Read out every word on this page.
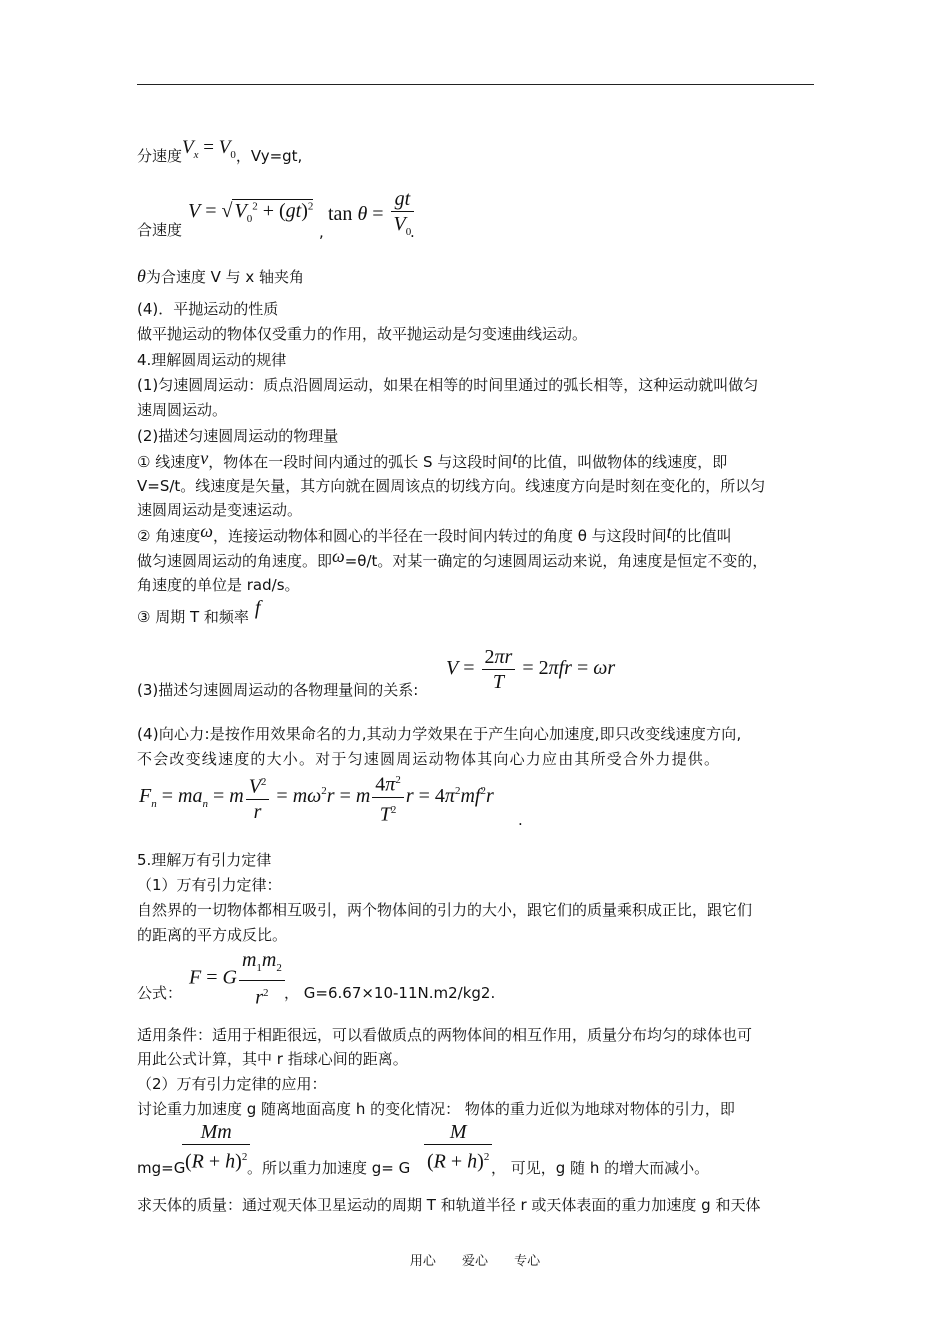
分速度$V_x = V_0$，Vy=gt,
合速度
V = √ $V_0^2 + (gt)^2$
,
$\tan \theta = \frac{gt}{V_0}$
.
θ为合速度 V 与 x 轴夹角
(4)．平抛运动的性质
做平抛运动的物体仅受重力的作用，故平抛运动是匀变速曲线运动。
4.理解圆周运动的规律
(1)匀速圆周运动：质点沿圆周运动，如果在相等的时间里通过的弧长相等，这种运动就叫做匀
速周圆运动。
(2)描述匀速圆周运动的物理量
① 线速度v，物体在一段时间内通过的弧长 S 与这段时间t的比值，叫做物体的线速度，即
V=S/t。线速度是矢量，其方向就在圆周该点的切线方向。线速度方向是时刻在变化的，所以匀
速圆周运动是变速运动。
② 角速度ω，连接运动物体和圆心的半径在一段时间内转过的角度 θ 与这段时间t的比值叫
做匀速圆周运动的角速度。即ω=θ/t。对某一确定的匀速圆周运动来说，角速度是恒定不变的，
角速度的单位是 rad/s。
③ 周期 T 和频率 f
$V = \frac{2\pi r}{T} = 2\pi fr = \omega r$
(3)描述匀速圆周运动的各物理量间的关系:
(4)向心力:是按作用效果命名的力,其动力学效果在于产生向心加速度,即只改变线速度方向,
不会改变线速度的大小。对于匀速圆周运动物体其向心力应由其所受合外力提供。
$F_n = ma_n = m \frac{V^2}{r} = m\omega^2r = m \frac{4\pi^2}{T^2}$ $r = 4\pi^2mf^2r$
.
5.理解万有引力定律
（1）万有引力定律：
自然界的一切物体都相互吸引，两个物体间的引力的大小，跟它们的质量乘积成正比，跟它们
的距离的平方成反比。
F = G $\frac{m_1m_2}{r^2}$
公式：	， G=6.67×10-11N.m2/kg2.
适用条件：适用于相距很远，可以看做质点的两物体间的相互作用，质量分布均匀的球体也可
用此公式计算，其中 r 指球心间的距离。
（2）万有引力定律的应用：
讨论重力加速度 g 随离地面高度 h 的变化情况： 物体的重力近似为地球对物体的引力，即
$\frac{Mm}{(R + h)^2}$	$\frac{M}{(R + h)^2}$
mg=G	。所以重力加速度 g= G	， 可见，g 随 h 的增大而减小。
求天体的质量：通过观天体卫星运动的周期 T 和轨道半径 r 或天体表面的重力加速度 g 和天体
用心 爱心 专心
